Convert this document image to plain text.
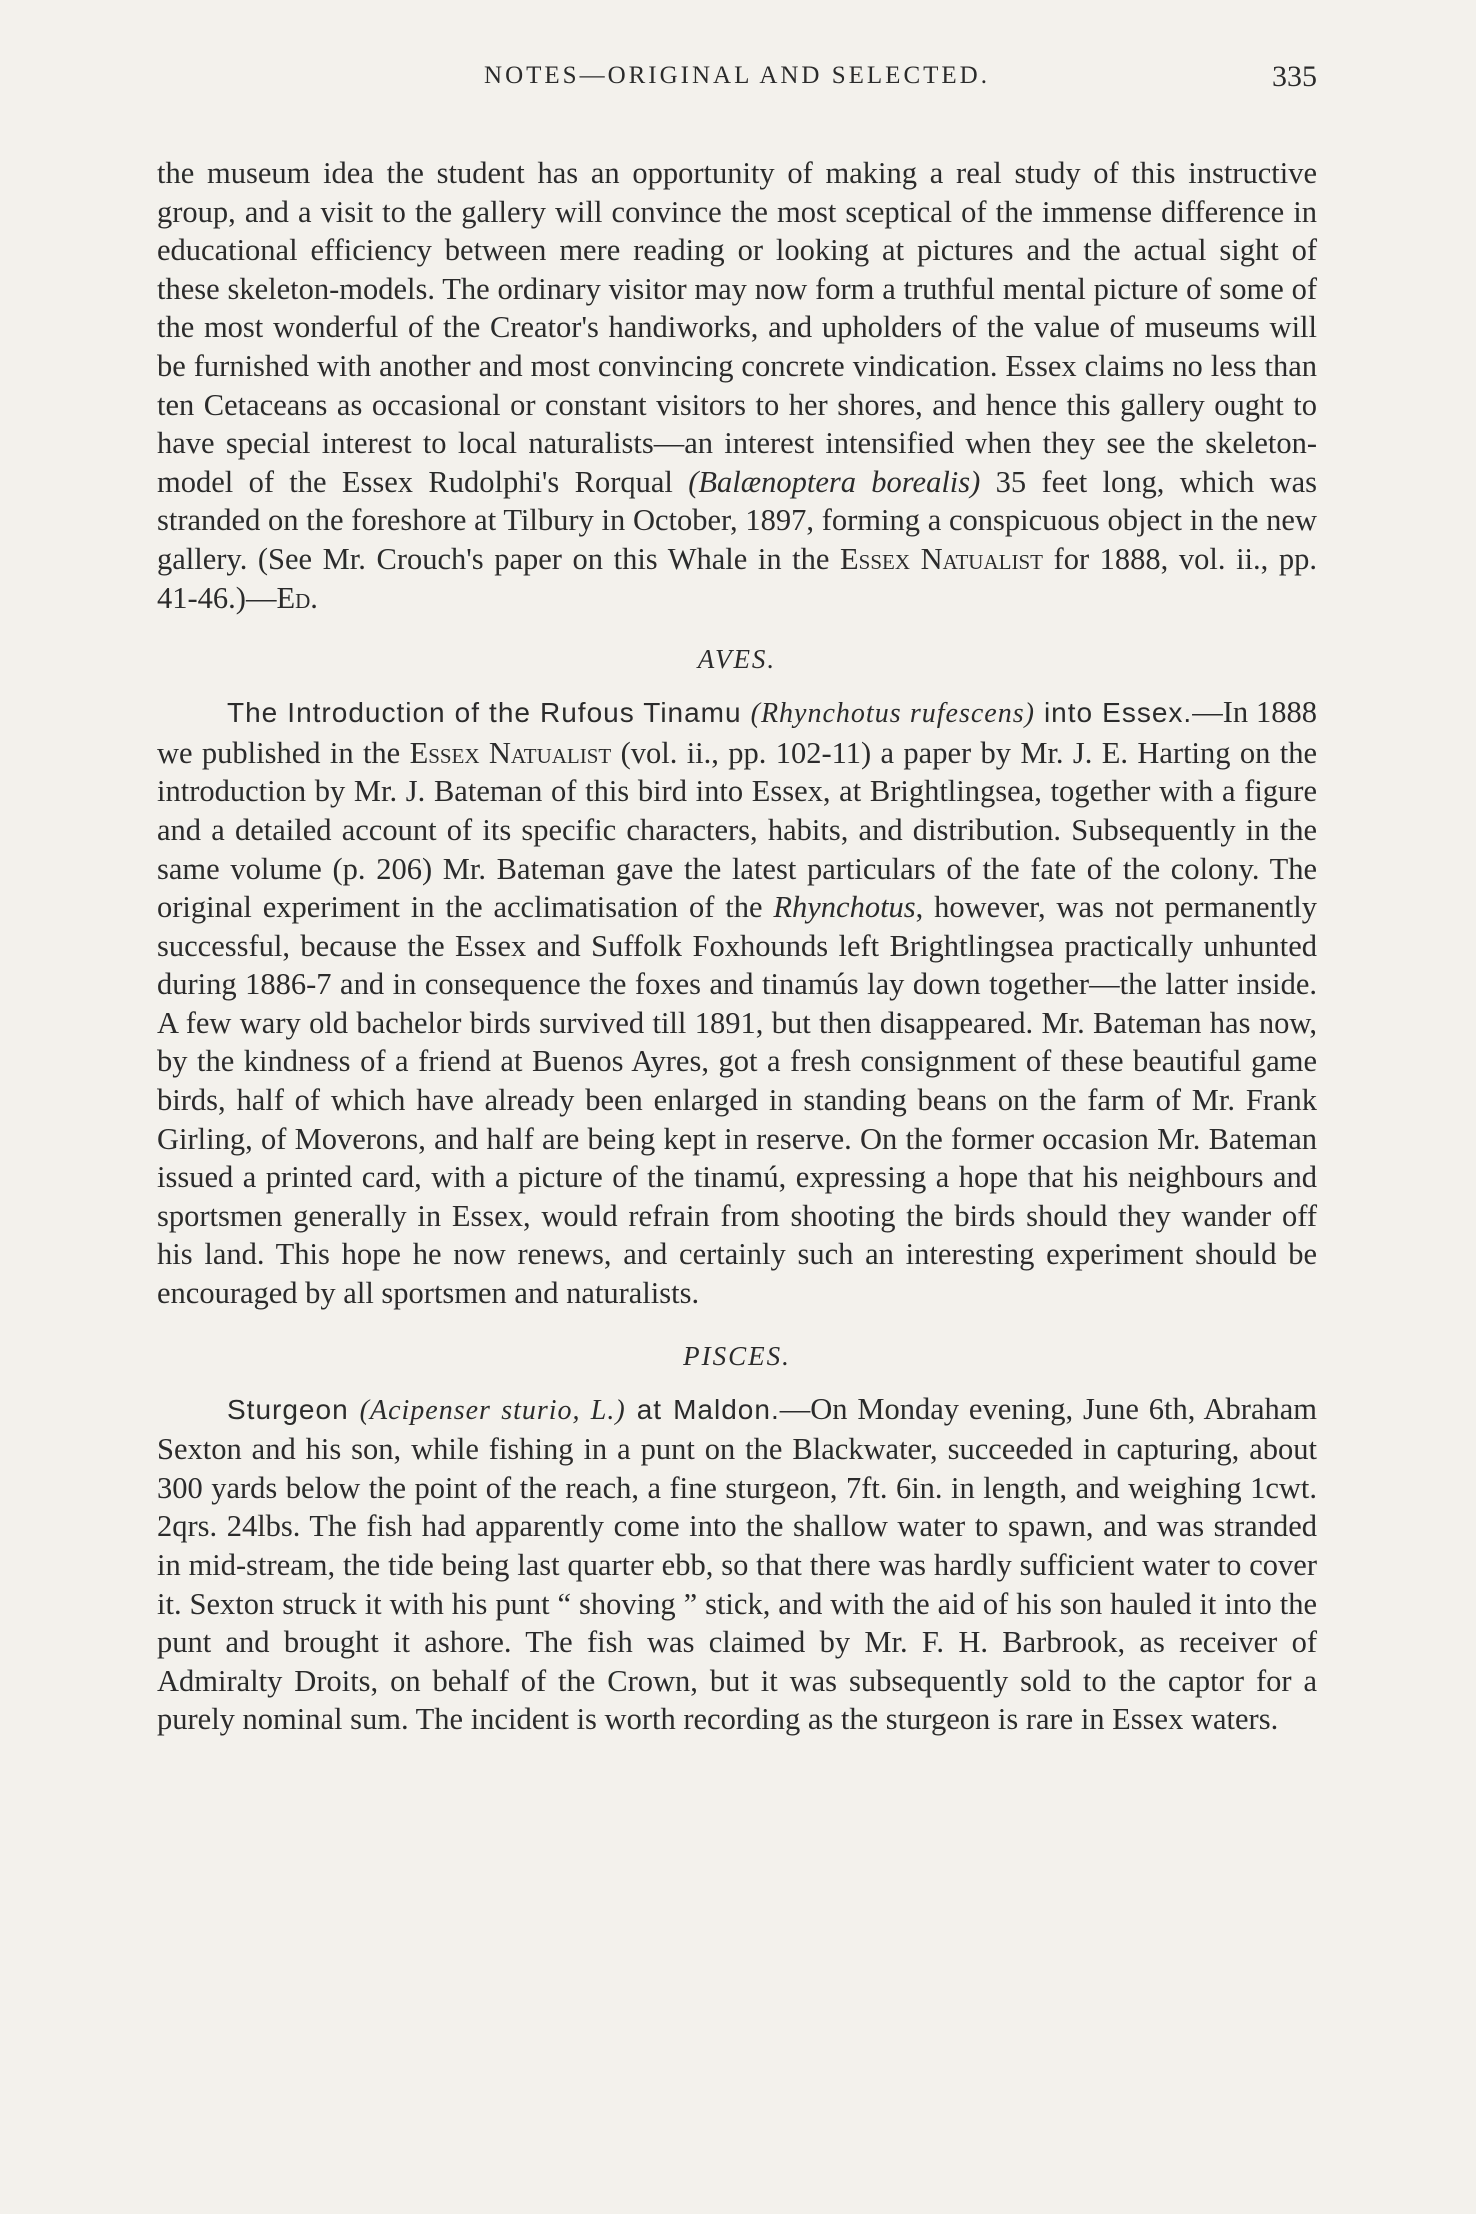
NOTES—ORIGINAL AND SELECTED.	335

the museum idea the student has an opportunity of making a real study of this instructive group, and a visit to the gallery will convince the most sceptical of the immense difference in educational efficiency between mere reading or looking at pictures and the actual sight of these skeleton-models. The ordinary visitor may now form a truthful mental picture of some of the most wonderful of the Creator's handiworks, and upholders of the value of museums will be furnished with another and most convincing concrete vindication. Essex claims no less than ten Cetaceans as occasional or constant visitors to her shores, and hence this gallery ought to have special interest to local naturalists—an interest intensified when they see the skeleton-model of the Essex Rudolphi's Rorqual (Balænoptera borealis) 35 feet long, which was stranded on the foreshore at Tilbury in October, 1897, forming a conspicuous object in the new gallery. (See Mr. Crouch's paper on this Whale in the Essex Natualist for 1888, vol. ii., pp. 41-46.)—Ed.

AVES.

The Introduction of the Rufous Tinamu (Rhynchotus rufescens) into Essex.—In 1888 we published in the Essex Natualist (vol. ii., pp. 102-11) a paper by Mr. J. E. Harting on the introduction by Mr. J. Bateman of this bird into Essex, at Brightlingsea, together with a figure and a detailed account of its specific characters, habits, and distribution. Subsequently in the same volume (p. 206) Mr. Bateman gave the latest particulars of the fate of the colony. The original experiment in the acclimatisation of the Rhynchotus, however, was not permanently successful, because the Essex and Suffolk Foxhounds left Brightlingsea practically unhunted during 1886-7 and in consequence the foxes and tinamús lay down together—the latter inside. A few wary old bachelor birds survived till 1891, but then disappeared. Mr. Bateman has now, by the kindness of a friend at Buenos Ayres, got a fresh consignment of these beautiful game birds, half of which have already been enlarged in standing beans on the farm of Mr. Frank Girling, of Moverons, and half are being kept in reserve. On the former occasion Mr. Bateman issued a printed card, with a picture of the tinamú, expressing a hope that his neighbours and sportsmen generally in Essex, would refrain from shooting the birds should they wander off his land. This hope he now renews, and certainly such an interesting experiment should be encouraged by all sportsmen and naturalists.

PISCES.

Sturgeon (Acipenser sturio, L.) at Maldon.—On Monday evening, June 6th, Abraham Sexton and his son, while fishing in a punt on the Blackwater, succeeded in capturing, about 300 yards below the point of the reach, a fine sturgeon, 7ft. 6in. in length, and weighing 1cwt. 2qrs. 24lbs. The fish had apparently come into the shallow water to spawn, and was stranded in mid-stream, the tide being last quarter ebb, so that there was hardly sufficient water to cover it. Sexton struck it with his punt “ shoving ” stick, and with the aid of his son hauled it into the punt and brought it ashore. The fish was claimed by Mr. F. H. Barbrook, as receiver of Admiralty Droits, on behalf of the Crown, but it was subsequently sold to the captor for a purely nominal sum. The incident is worth recording as the sturgeon is rare in Essex waters.
